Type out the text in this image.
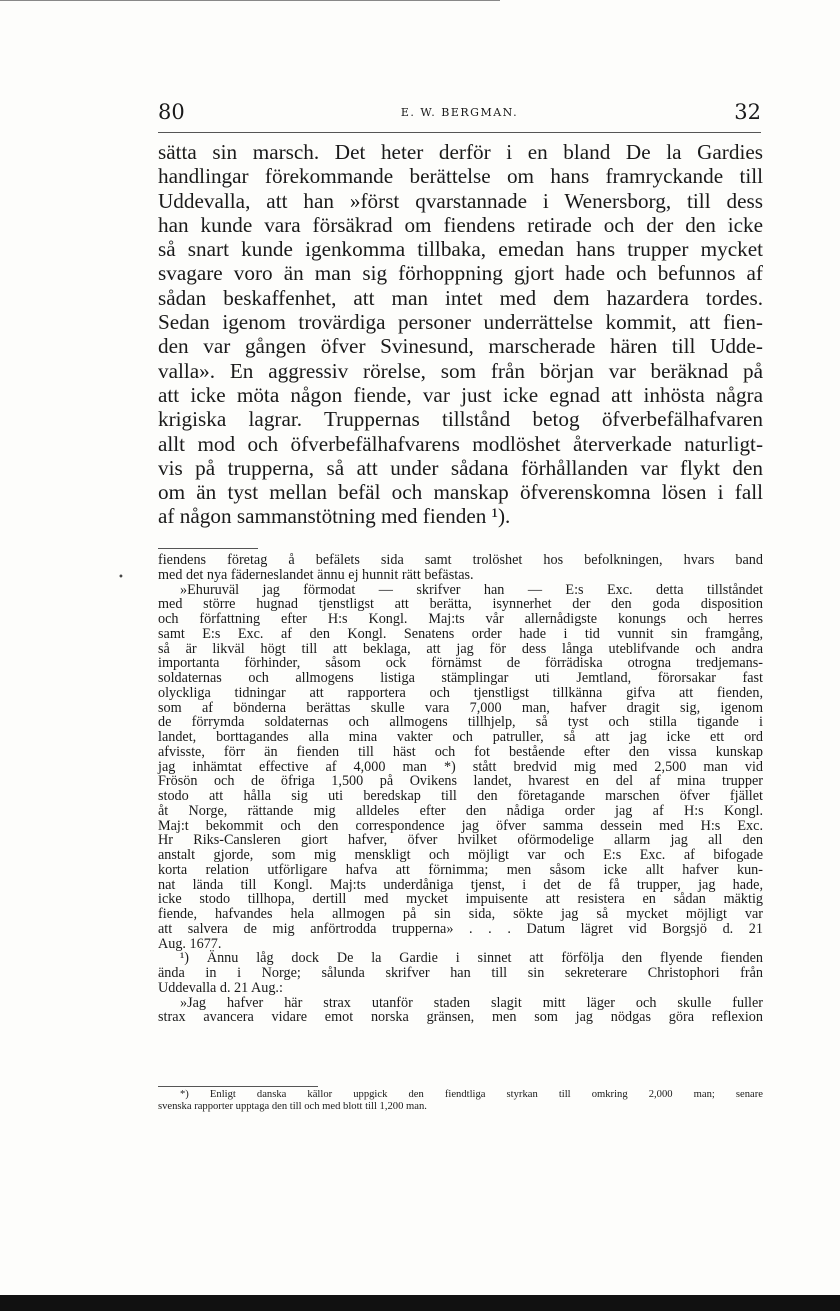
80	E. W. BERGMAN.	32
sätta sin marsch. Det heter derför i en bland De la Gardies
handlingar förekommande berättelse om hans framryckande till
Uddevalla, att han »först qvarstannade i Wenersborg, till dess
han kunde vara försäkrad om fiendens retirade och der den icke
så snart kunde igenkomma tillbaka, emedan hans trupper mycket
svagare voro än man sig förhoppning gjort hade och befunnos af
sådan beskaffenhet, att man intet med dem hazardera tordes.
Sedan igenom trovärdiga personer underrättelse kommit, att fien-
den var gången öfver Svinesund, marscherade hären till Udde-
valla». En aggressiv rörelse, som från början var beräknad på
att icke möta någon fiende, var just icke egnad att inhösta några
krigiska lagrar. Truppernas tillstånd betog öfverbefälhafvaren
allt mod och öfverbefälhafvarens modlöshet återverkade naturligt-
vis på trupperna, så att under sådana förhållanden var flykt den
om än tyst mellan befäl och manskap öfverenskomna lösen i fall
af någon sammanstötning med fienden ¹).
•
fiendens företag å befälets sida samt trolöshet hos befolkningen, hvars band
med det nya fäderneslandet ännu ej hunnit rätt befästas.
»Ehuruväl jag förmodat — skrifver han — E:s Exc. detta tillståndet
med större hugnad tjenstligst att berätta, isynnerhet der den goda disposition
och författning efter H:s Kongl. Maj:ts vår allernådigste konungs och herres
samt E:s Exc. af den Kongl. Senatens order hade i tid vunnit sin framgång,
så är likväl högt till att beklaga, att jag för dess långa uteblifvande och andra
importanta förhinder, såsom ock förnämst de förrädiska otrogna tredjemans-
soldaternas och allmogens listiga stämplingar uti Jemtland, förorsakar fast
olyckliga tidningar att rapportera och tjenstligst tillkänna gifva att fienden,
som af bönderna berättas skulle vara 7,000 man, hafver dragit sig, igenom
de förrymda soldaternas och allmogens tillhjelp, så tyst och stilla tigande i
landet, borttagandes alla mina vakter och patruller, så att jag icke ett ord
afvisste, förr än fienden till häst och fot bestående efter den vissa kunskap
jag inhämtat effective af 4,000 man *) stått bredvid mig med 2,500 man vid
Frösön och de öfriga 1,500 på Ovikens landet, hvarest en del af mina trupper
stodo att hålla sig uti beredskap till den företagande marschen öfver fjället
åt Norge, rättande mig alldeles efter den nådiga order jag af H:s Kongl.
Maj:t bekommit och den correspondence jag öfver samma dessein med H:s Exc.
Hr Riks-Cansleren giort hafver, öfver hvilket oförmodelige allarm jag all den
anstalt gjorde, som mig menskligt och möjligt var och E:s Exc. af bifogade
korta relation utförligare hafva att förnimma; men såsom icke allt hafver kun-
nat lända till Kongl. Maj:ts underdåniga tjenst, i det de få trupper, jag hade,
icke stodo tillhopa, dertill med mycket impuisente att resistera en sådan mäktig
fiende, hafvandes hela allmogen på sin sida, sökte jag så mycket möjligt var
att salvera de mig anförtrodda trupperna» . . . Datum lägret vid Borgsjö d. 21
Aug. 1677.
¹) Ännu låg dock De la Gardie i sinnet att förfölja den flyende fienden
ända in i Norge; sålunda skrifver han till sin sekreterare Christophori från
Uddevalla d. 21 Aug.:
»Jag hafver här strax utanför staden slagit mitt läger och skulle fuller
strax avancera vidare emot norska gränsen, men som jag nödgas göra reflexion
*) Enligt danska källor uppgick den fiendtliga styrkan till omkring 2,000 man; senare
svenska rapporter upptaga den till och med blott till 1,200 man.
